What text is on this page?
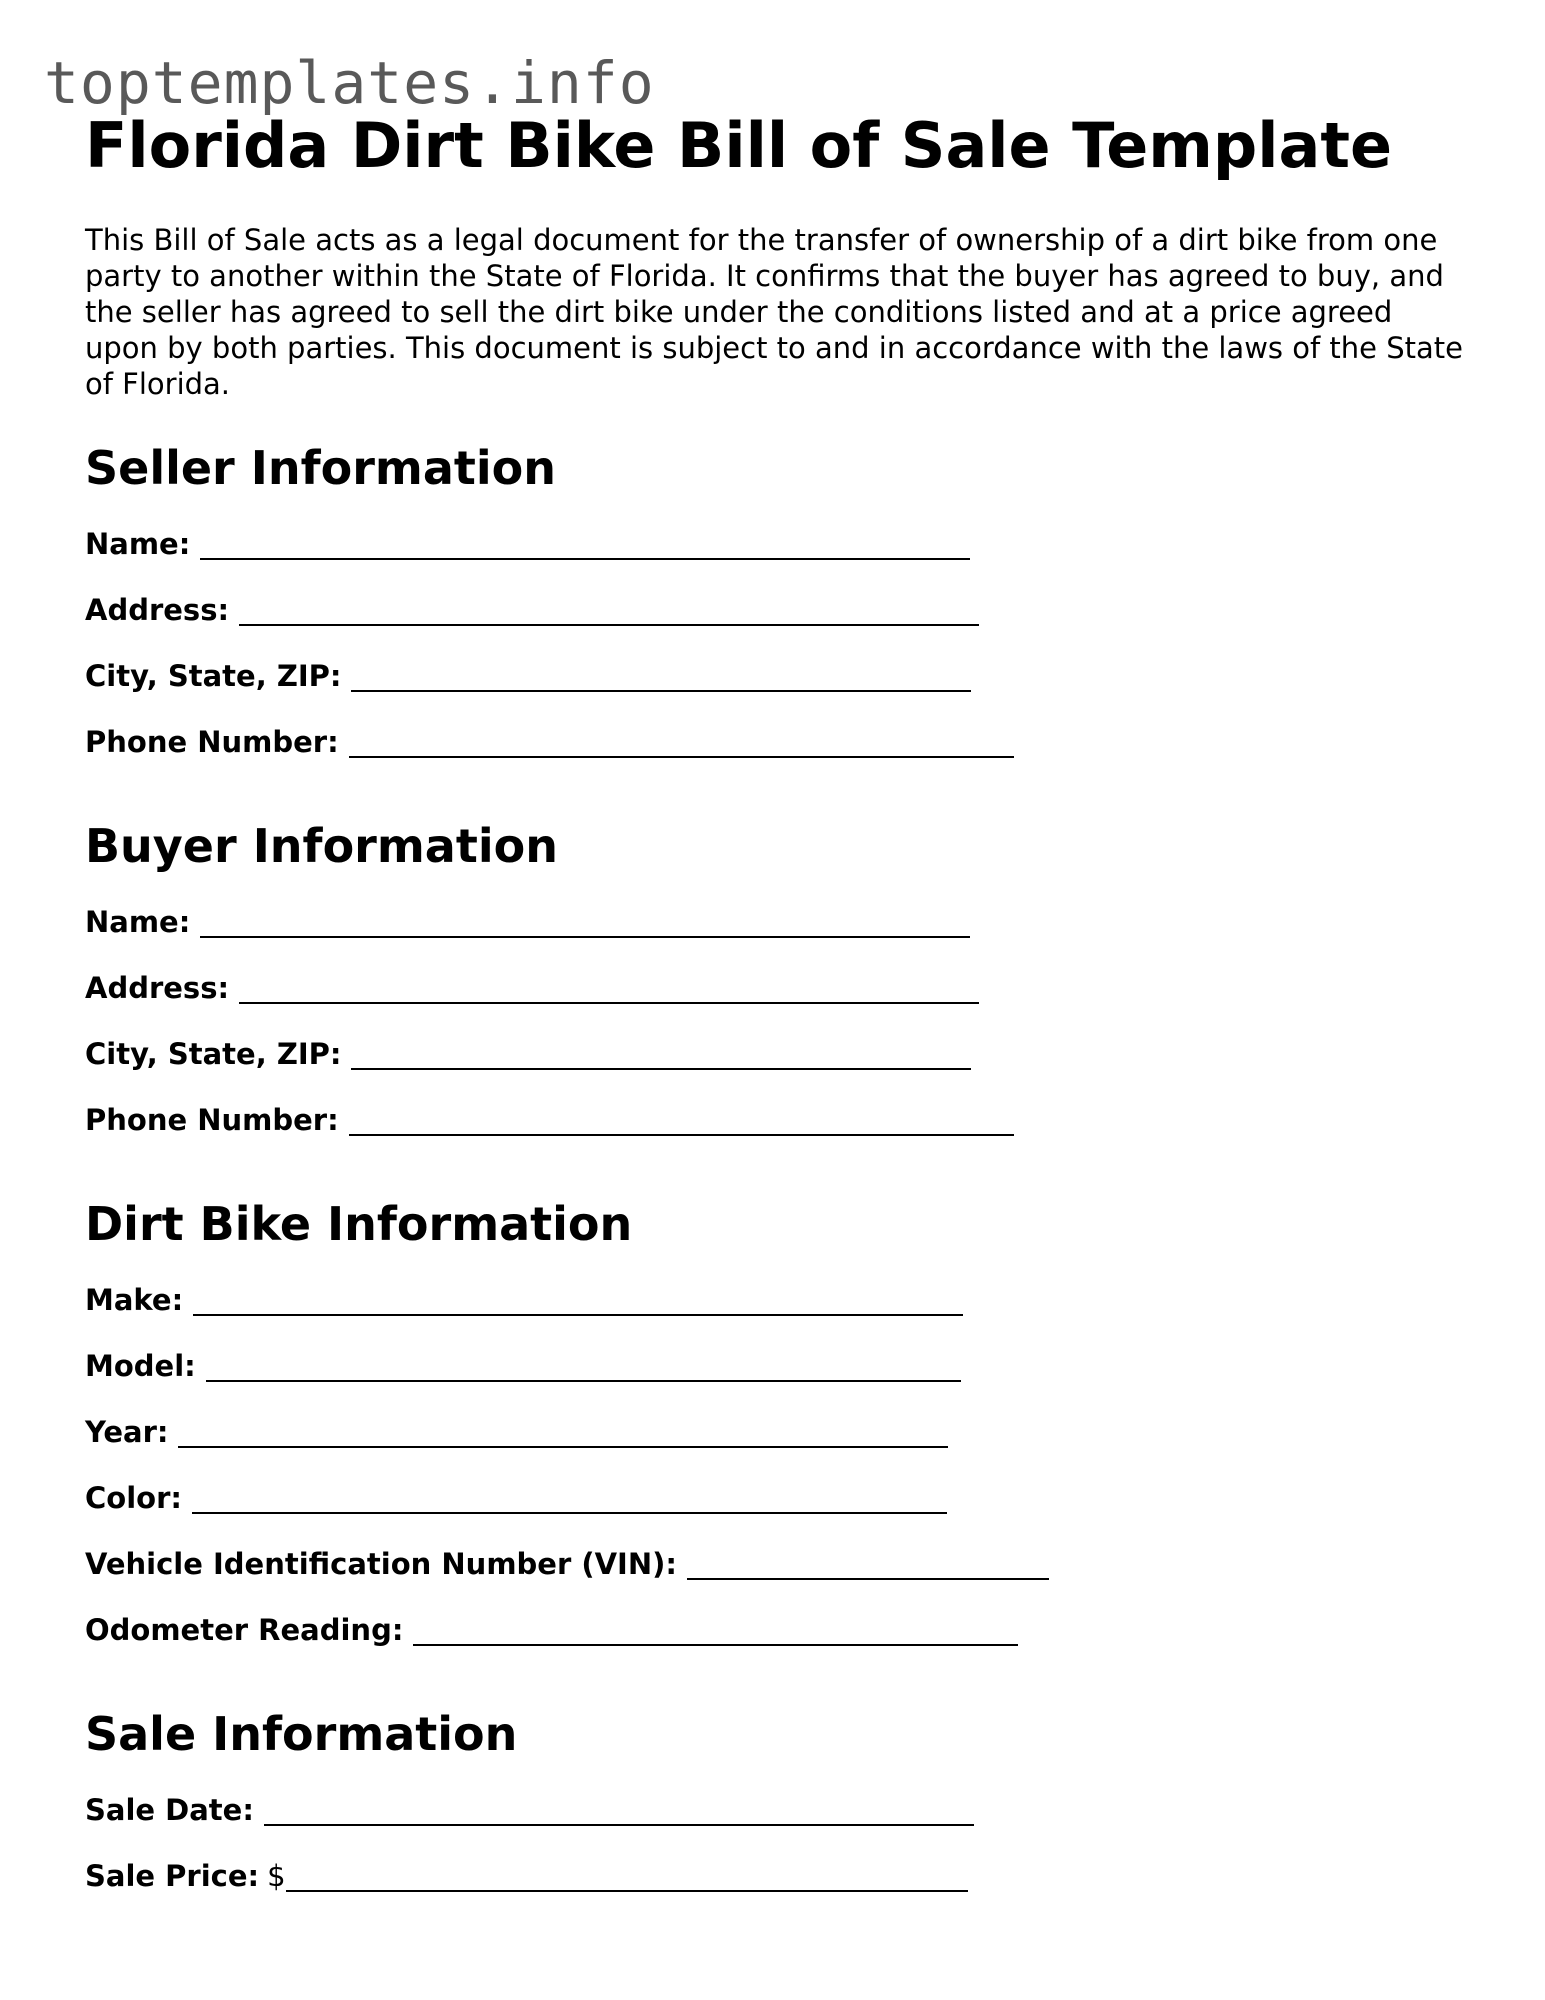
toptemplates.info
Florida Dirt Bike Bill of Sale Template

This Bill of Sale acts as a legal document for the transfer of ownership of a dirt bike from one party to another within the State of Florida. It confirms that the buyer has agreed to buy, and the seller has agreed to sell the dirt bike under the conditions listed and at a price agreed upon by both parties. This document is subject to and in accordance with the laws of the State of Florida.

Seller Information
Name:
Address:
City, State, ZIP:
Phone Number:
Buyer Information
Name:
Address:
City, State, ZIP:
Phone Number:
Dirt Bike Information
Make:
Model:
Year:
Color:
Vehicle Identification Number (VIN):
Odometer Reading:
Sale Information
Sale Date:
Sale Price: $
